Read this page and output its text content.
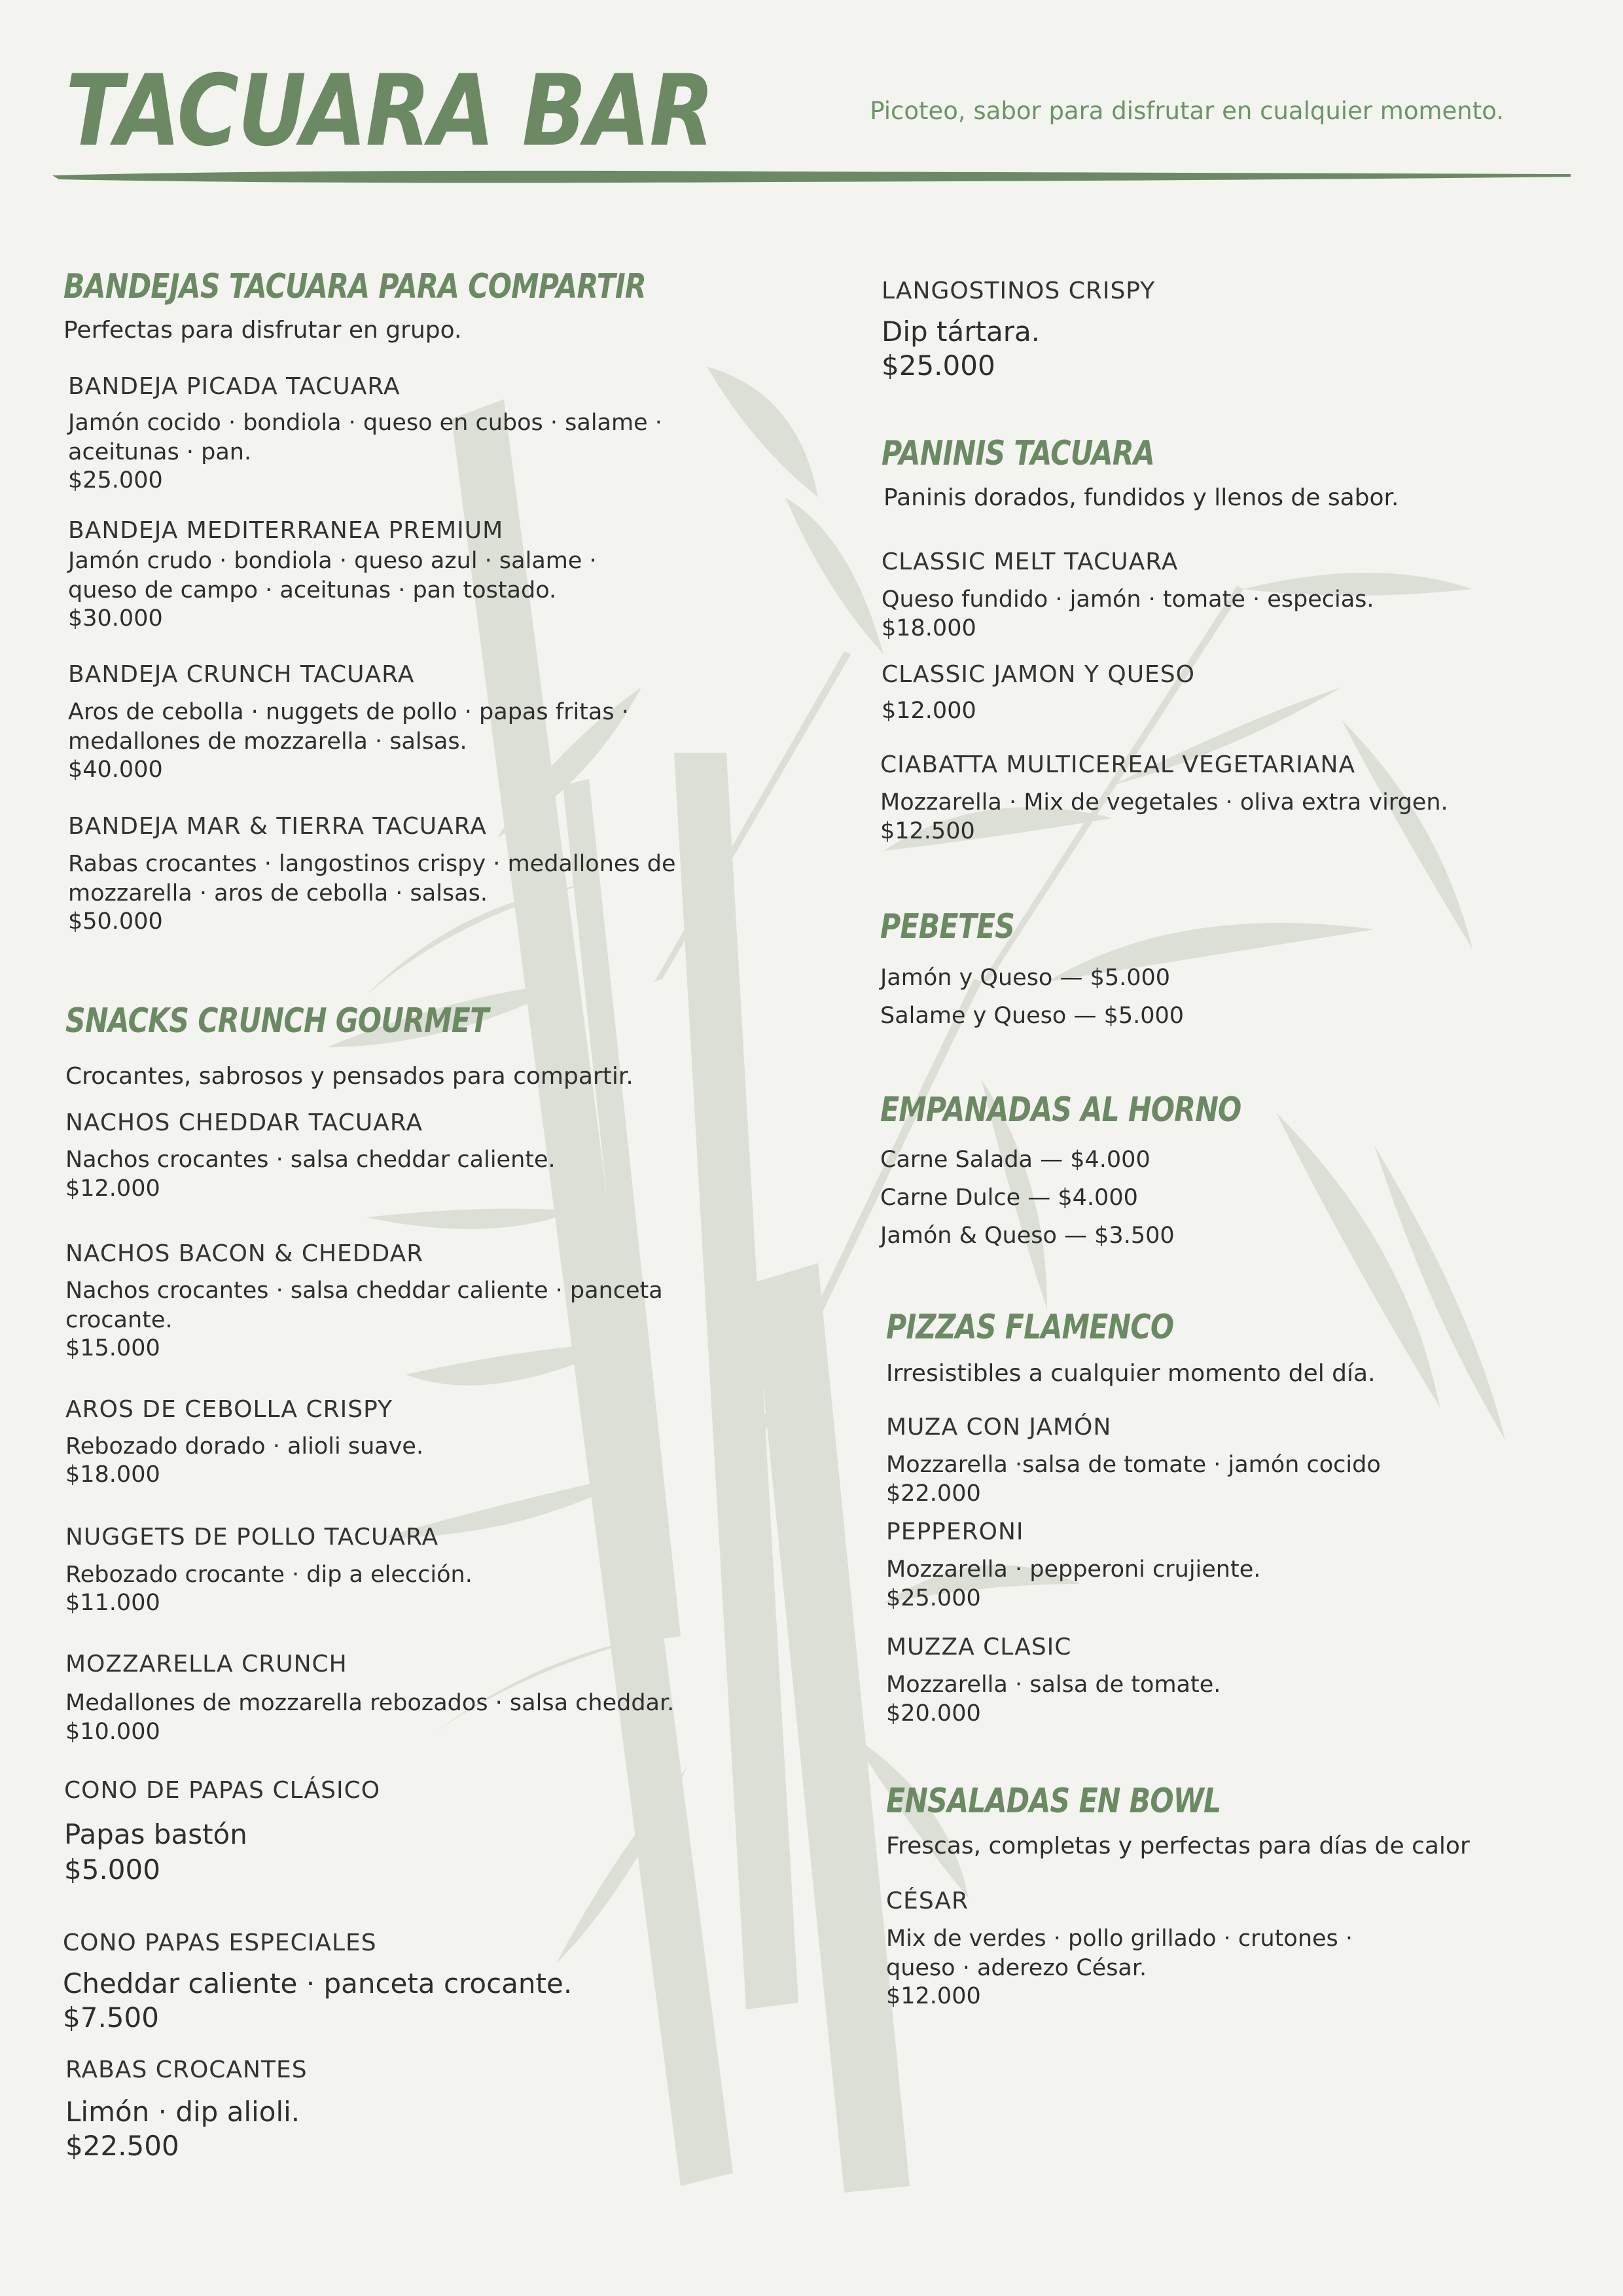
TACUARA BAR	Picoteo, sabor para disfrutar en cualquier momento.

BANDEJAS TACUARA PARA COMPARTIR

Perfectas para disfrutar en grupo.

BANDEJA PICADA TACUARA

Jamón cocido · bondiola · queso en cubos · salame ·

aceitunas · pan.

$25.000

BANDEJA MEDITERRANEA PREMIUM

Jamón crudo · bondiola · queso azul · salame ·

queso de campo · aceitunas · pan tostado.

$30.000

BANDEJA CRUNCH TACUARA

Aros de cebolla · nuggets de pollo · papas fritas ·

medallones de mozzarella · salsas.

$40.000

BANDEJA MAR & TIERRA TACUARA

Rabas crocantes · langostinos crispy · medallones de

mozzarella · aros de cebolla · salsas.

$50.000

SNACKS CRUNCH GOURMET

Crocantes, sabrosos y pensados para compartir.

NACHOS CHEDDAR TACUARA

Nachos crocantes · salsa cheddar caliente.

$12.000

NACHOS BACON & CHEDDAR

Nachos crocantes · salsa cheddar caliente · panceta

crocante.

$15.000

AROS DE CEBOLLA CRISPY

Rebozado dorado · alioli suave.

$18.000

NUGGETS DE POLLO TACUARA

Rebozado crocante · dip a elección.

$11.000

MOZZARELLA CRUNCH

Medallones de mozzarella rebozados · salsa cheddar.

$10.000

CONO DE PAPAS CLÁSICO

Papas bastón

$5.000

CONO PAPAS ESPECIALES

Cheddar caliente · panceta crocante.

$7.500

RABAS CROCANTES

Limón · dip alioli.

$22.500

LANGOSTINOS CRISPY

Dip tártara.

$25.000

PANINIS TACUARA

Paninis dorados, fundidos y llenos de sabor.

CLASSIC MELT TACUARA

Queso fundido · jamón · tomate · especias.

$18.000

CLASSIC JAMON Y QUESO

$12.000

CIABATTA MULTICEREAL VEGETARIANA

Mozzarella · Mix de vegetales · oliva extra virgen.

$12.500

PEBETES

Jamón y Queso — $5.000

Salame y Queso — $5.000

EMPANADAS AL HORNO

Carne Salada — $4.000

Carne Dulce — $4.000

Jamón & Queso — $3.500

PIZZAS FLAMENCO

Irresistibles a cualquier momento del día.

MUZA CON JAMÓN

Mozzarella ·salsa de tomate · jamón cocido

$22.000

PEPPERONI

Mozzarella · pepperoni crujiente.

$25.000

MUZZA CLASIC

Mozzarella · salsa de tomate.

$20.000

ENSALADAS EN BOWL

Frescas, completas y perfectas para días de calor

CÉSAR

Mix de verdes · pollo grillado · crutones ·

queso · aderezo César.

$12.000
